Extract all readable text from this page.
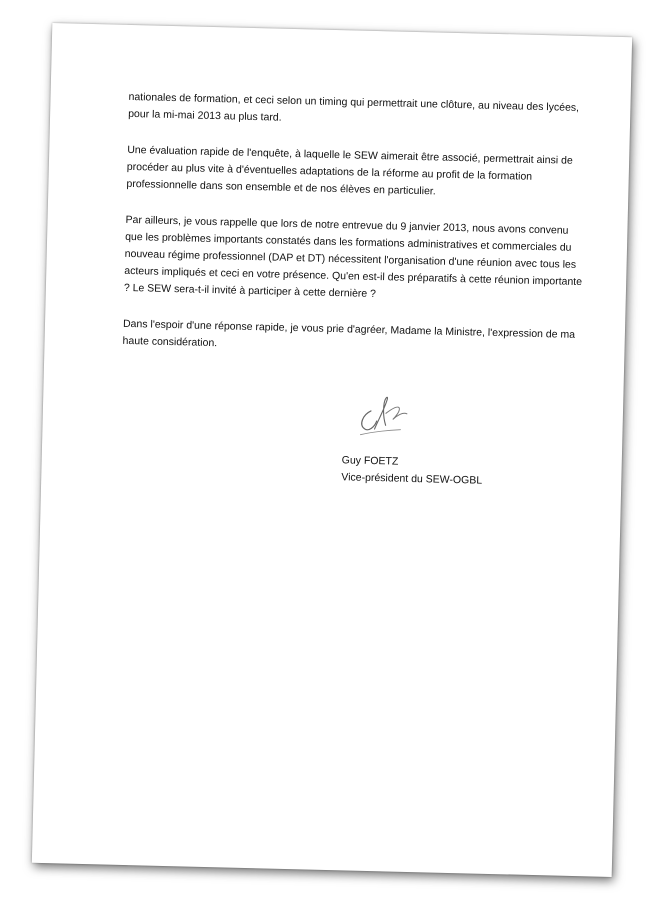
nationales de formation, et ceci selon un timing qui permettrait une clôture, au niveau des lycées, pour la mi-mai 2013 au plus tard.

Une évaluation rapide de l'enquête, à laquelle le SEW aimerait être associé, permettrait ainsi de procéder au plus vite à d'éventuelles adaptations de la réforme au profit de la formation professionnelle dans son ensemble et de nos élèves en particulier.

Par ailleurs, je vous rappelle que lors de notre entrevue du 9 janvier 2013, nous avons convenu que les problèmes importants constatés dans les formations administratives et commerciales du nouveau régime professionnel (DAP et DT) nécessitent l'organisation d'une réunion avec tous les acteurs impliqués et ceci en votre présence. Qu'en est-il des préparatifs à cette réunion importante ? Le SEW sera-t-il invité à participer à cette dernière ?

Dans l'espoir d'une réponse rapide, je vous prie d'agréer, Madame la Ministre, l'expression de ma haute considération.

Guy FOETZ
Vice-président du SEW-OGBL
